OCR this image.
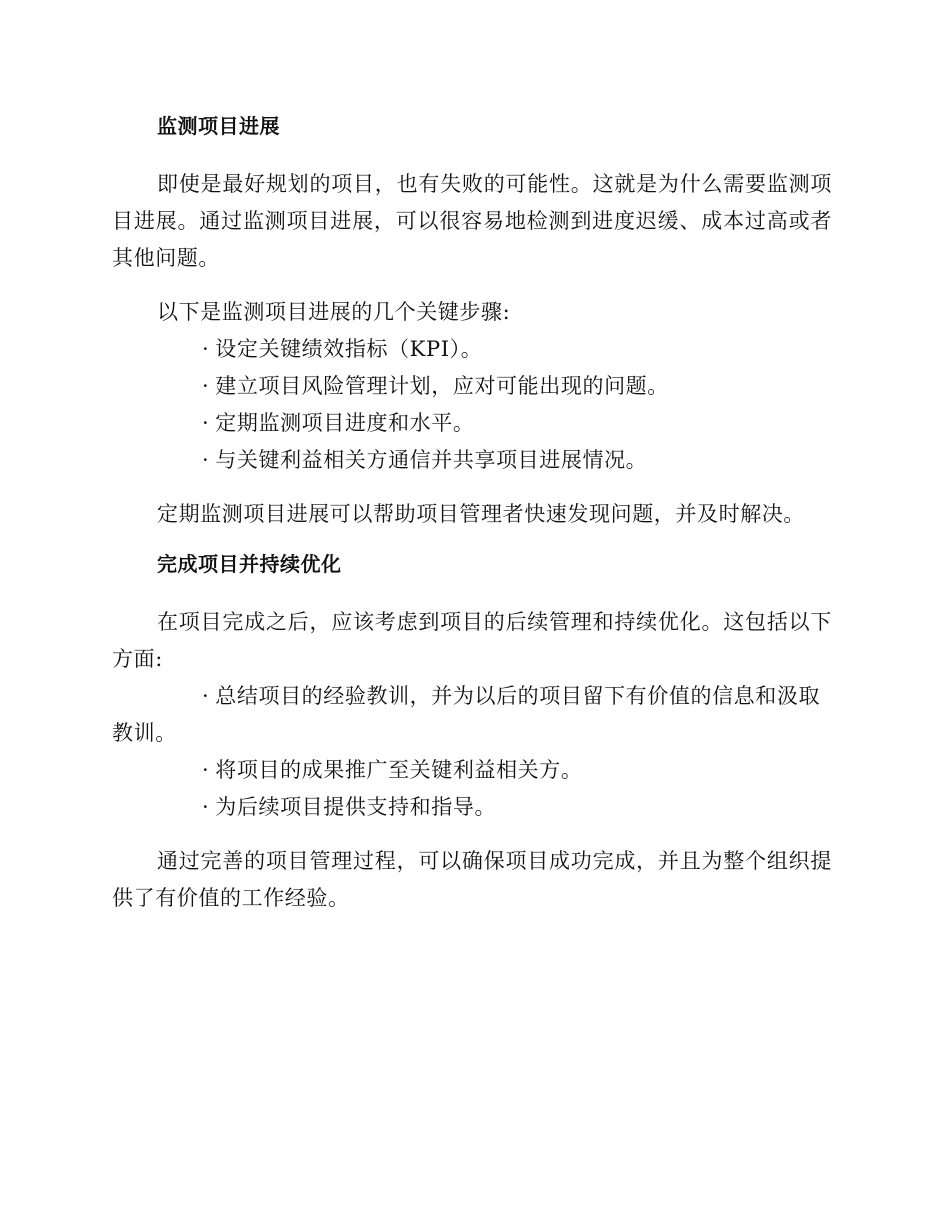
监测项目进展

即使是最好规划的项目，也有失败的可能性。这就是为什么需要监测项目进展。通过监测项目进展，可以很容易地检测到进度迟缓、成本过高或者其他问题。

以下是监测项目进展的几个关键步骤:

· 设定关键绩效指标（KPI）。

· 建立项目风险管理计划，应对可能出现的问题。

· 定期监测项目进度和水平。

· 与关键利益相关方通信并共享项目进展情况。

定期监测项目进展可以帮助项目管理者快速发现问题，并及时解决。

完成项目并持续优化

在项目完成之后，应该考虑到项目的后续管理和持续优化。这包括以下方面:

· 总结项目的经验教训，并为以后的项目留下有价值的信息和汲取教训。

· 将项目的成果推广至关键利益相关方。

· 为后续项目提供支持和指导。

通过完善的项目管理过程，可以确保项目成功完成，并且为整个组织提供了有价值的工作经验。
